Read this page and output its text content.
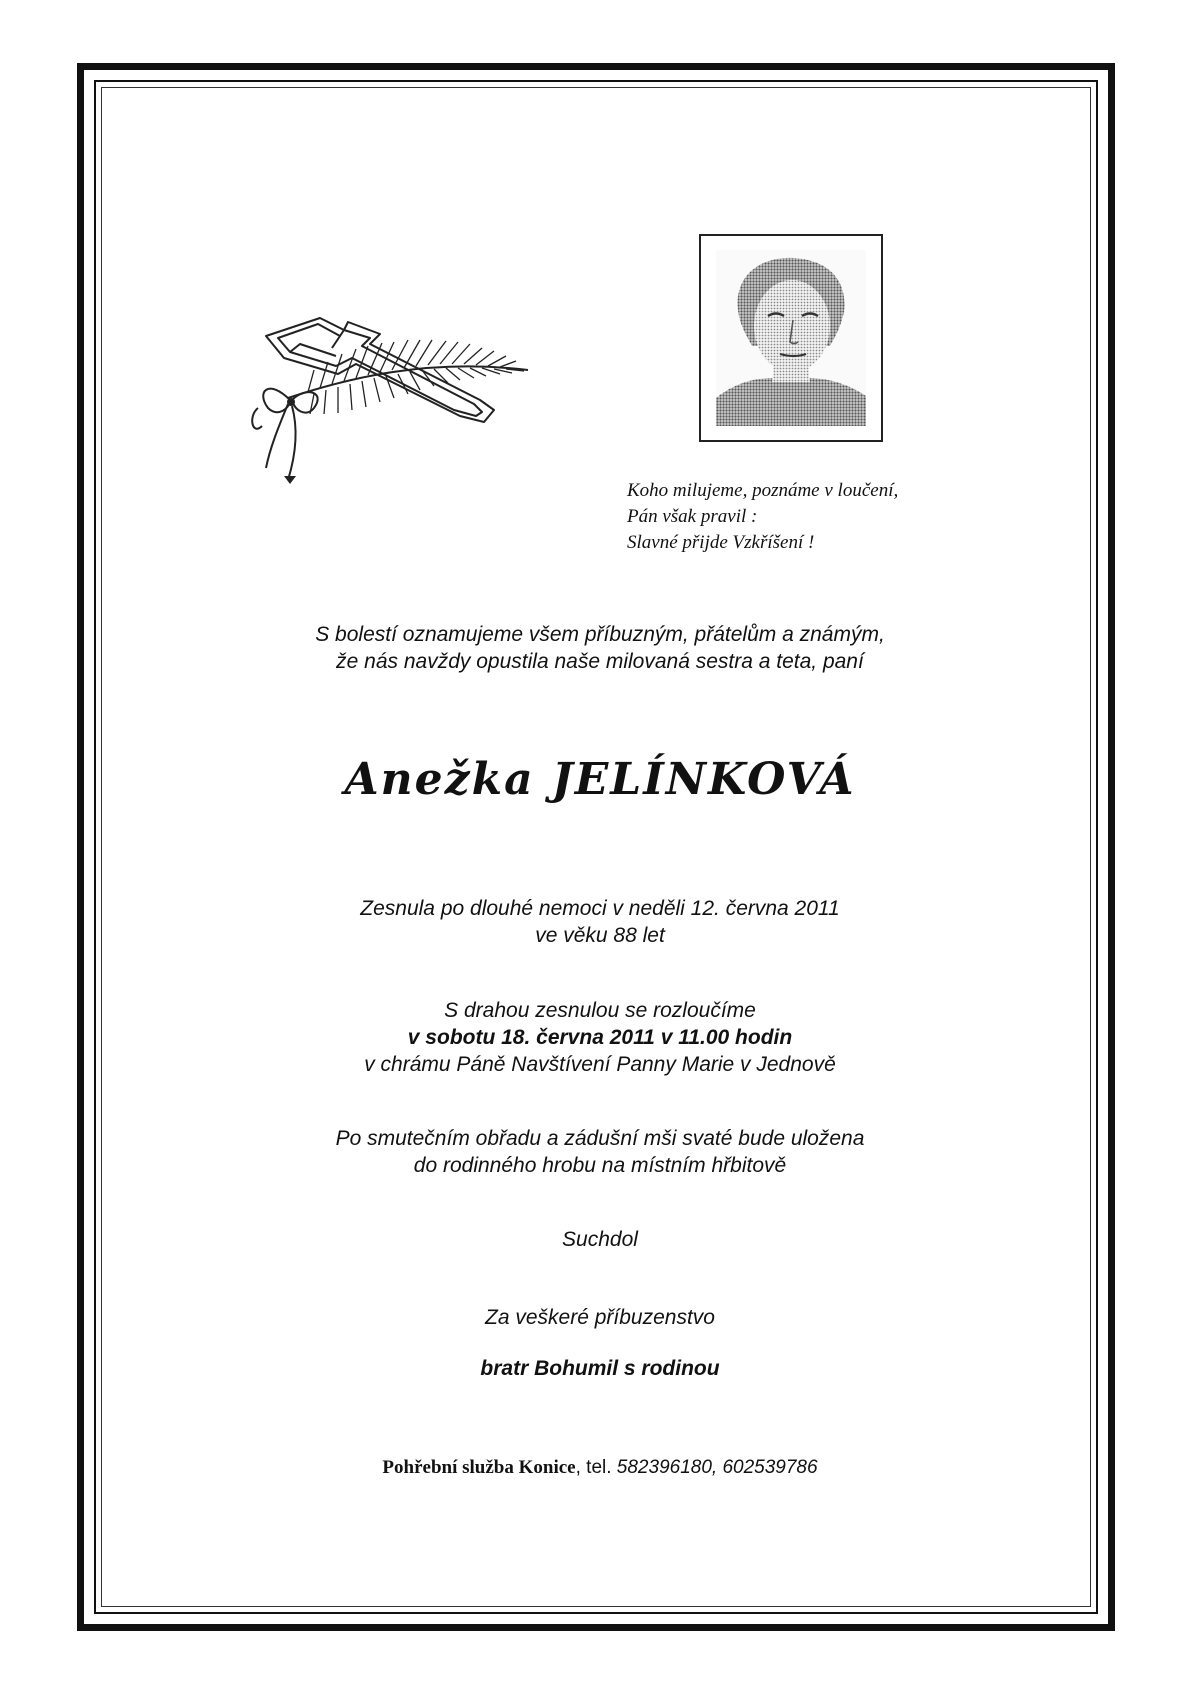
Koho milujeme, poznáme v loučení,
Pán však pravil :
Slavné přijde Vzkříšení !
S bolestí oznamujeme všem příbuzným, přátelům a známým,
že nás navždy opustila naše milovaná sestra a teta, paní
Anežka JELÍNKOVÁ
Zesnula po dlouhé nemoci v neděli 12. června 2011
ve věku 88 let
S drahou zesnulou se rozloučíme
v sobotu 18. června 2011 v 11.00 hodin
v chrámu Páně Navštívení Panny Marie v Jednově
Po smutečním obřadu a zádušní mši svaté bude uložena
do rodinného hrobu na místním hřbitově
Suchdol
Za veškeré příbuzenstvo
bratr Bohumil s rodinou
Pohřební služba Konice, tel. 582396180, 602539786
